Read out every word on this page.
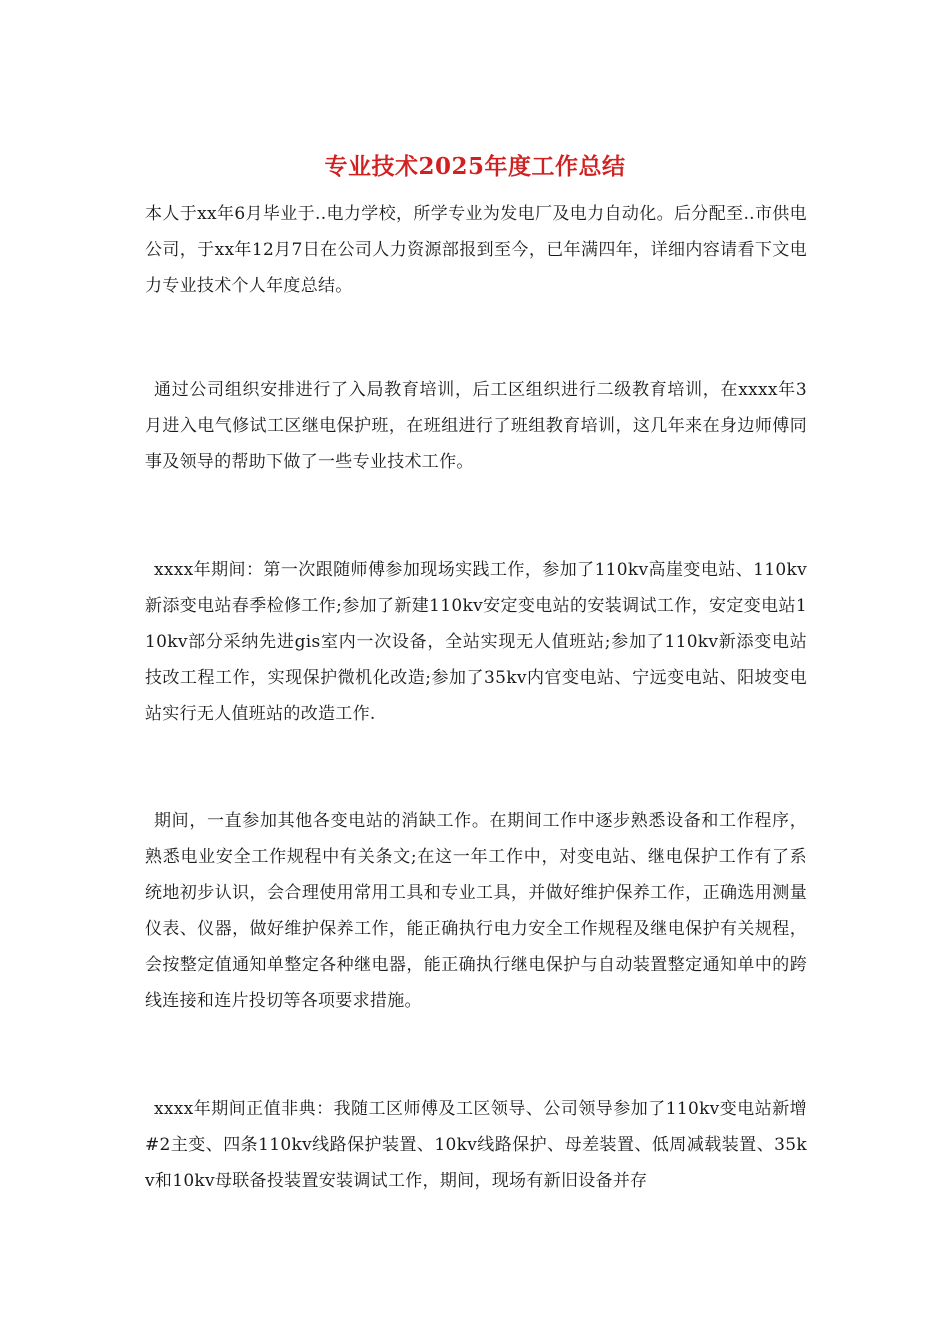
专业技术2025年度工作总结

本人于xx年6月毕业于..电力学校，所学专业为发电厂及电力自动化。后分配至..市供电公司，于xx年12月7日在公司人力资源部报到至今，已年满四年，详细内容请看下文电力专业技术个人年度总结。

通过公司组织安排进行了入局教育培训，后工区组织进行二级教育培训，在xxxx年3月进入电气修试工区继电保护班，在班组进行了班组教育培训，这几年来在身边师傅同事及领导的帮助下做了一些专业技术工作。

xxxx年期间：第一次跟随师傅参加现场实践工作，参加了110kv高崖变电站、110kv新添变电站春季检修工作;参加了新建110kv安定变电站的安装调试工作，安定变电站110kv部分采纳先进gis室内一次设备，全站实现无人值班站;参加了110kv新添变电站技改工程工作，实现保护微机化改造;参加了35kv内官变电站、宁远变电站、阳坡变电站实行无人值班站的改造工作.

期间，一直参加其他各变电站的消缺工作。在期间工作中逐步熟悉设备和工作程序，熟悉电业安全工作规程中有关条文;在这一年工作中，对变电站、继电保护工作有了系统地初步认识，会合理使用常用工具和专业工具，并做好维护保养工作，正确选用测量仪表、仪器，做好维护保养工作，能正确执行电力安全工作规程及继电保护有关规程，会按整定值通知单整定各种继电器，能正确执行继电保护与自动装置整定通知单中的跨线连接和连片投切等各项要求措施。

xxxx年期间正值非典：我随工区师傅及工区领导、公司领导参加了110kv变电站新增#2主变、四条110kv线路保护装置、10kv线路保护、母差装置、低周减载装置、35kv和10kv母联备投装置安装调试工作，期间，现场有新旧设备并存
